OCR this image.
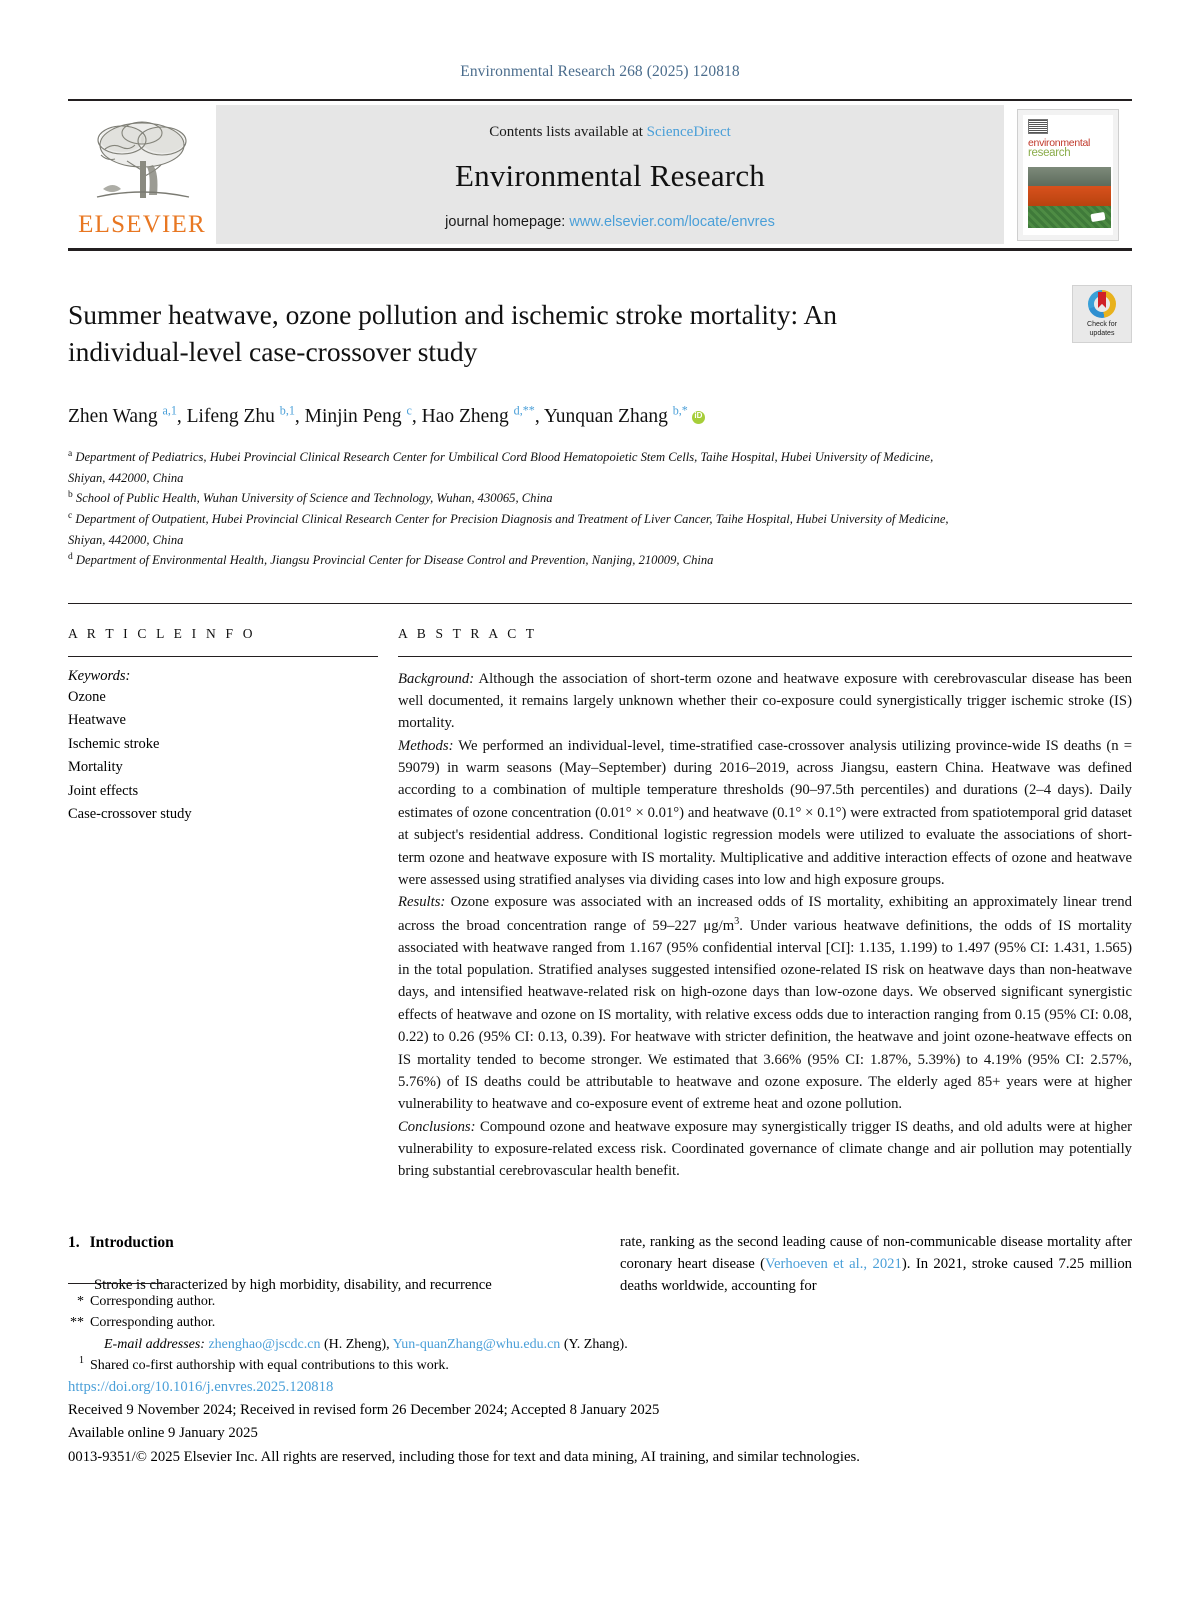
Environmental Research 268 (2025) 120818
ELSEVIER
Contents lists available at ScienceDirect
Environmental Research
journal homepage: www.elsevier.com/locate/envres
environmental
research
Summer heatwave, ozone pollution and ischemic stroke mortality: An individual-level case-crossover study
Check for
updates
Zhen Wang $^{a,1}$, Lifeng Zhu $^{b,1}$, Minjin Peng $^c$, Hao Zheng $^{d,**}$, Yunquan Zhang $^{b,*}$iD
$^a$ Department of Pediatrics, Hubei Provincial Clinical Research Center for Umbilical Cord Blood Hematopoietic Stem Cells, Taihe Hospital, Hubei University of Medicine, Shiyan, 442000, China
$^b$ School of Public Health, Wuhan University of Science and Technology, Wuhan, 430065, China
$^c$ Department of Outpatient, Hubei Provincial Clinical Research Center for Precision Diagnosis and Treatment of Liver Cancer, Taihe Hospital, Hubei University of Medicine, Shiyan, 442000, China
$^d$ Department of Environmental Health, Jiangsu Provincial Center for Disease Control and Prevention, Nanjing, 210009, China
A R T I C L E I N F O
Keywords:
Ozone
Heatwave
Ischemic stroke
Mortality
Joint effects
Case-crossover study
A B S T R A C T

Background: Although the association of short-term ozone and heatwave exposure with cerebrovascular disease has been well documented, it remains largely unknown whether their co-exposure could synergistically trigger ischemic stroke (IS) mortality.

Methods: We performed an individual-level, time-stratified case-crossover analysis utilizing province-wide IS deaths (n = 59079) in warm seasons (May–September) during 2016–2019, across Jiangsu, eastern China. Heatwave was defined according to a combination of multiple temperature thresholds (90–97.5th percentiles) and durations (2–4 days). Daily estimates of ozone concentration (0.01° × 0.01°) and heatwave (0.1° × 0.1°) were extracted from spatiotemporal grid dataset at subject's residential address. Conditional logistic regression models were utilized to evaluate the associations of short-term ozone and heatwave exposure with IS mortality. Multiplicative and additive interaction effects of ozone and heatwave were assessed using stratified analyses via dividing cases into low and high exposure groups.

Results: Ozone exposure was associated with an increased odds of IS mortality, exhibiting an approximately linear trend across the broad concentration range of 59–227 $\mu g/m^3$. Under various heatwave definitions, the odds of IS mortality associated with heatwave ranged from 1.167 (95% confidential interval [CI]: 1.135, 1.199) to 1.497 (95% CI: 1.431, 1.565) in the total population. Stratified analyses suggested intensified ozone-related IS risk on heatwave days than non-heatwave days, and intensified heatwave-related risk on high-ozone days than low-ozone days. We observed significant synergistic effects of heatwave and ozone on IS mortality, with relative excess odds due to interaction ranging from 0.15 (95% CI: 0.08, 0.22) to 0.26 (95% CI: 0.13, 0.39). For heatwave with stricter definition, the heatwave and joint ozone-heatwave effects on IS mortality tended to become stronger. We estimated that 3.66% (95% CI: 1.87%, 5.39%) to 4.19% (95% CI: 2.57%, 5.76%) of IS deaths could be attributable to heatwave and ozone exposure. The elderly aged 85+ years were at higher vulnerability to heatwave and co-exposure event of extreme heat and ozone pollution.

Conclusions: Compound ozone and heatwave exposure may synergistically trigger IS deaths, and old adults were at higher vulnerability to exposure-related excess risk. Coordinated governance of climate change and air pollution may potentially bring substantial cerebrovascular health benefit.

1. Introduction

Stroke is characterized by high morbidity, disability, and recurrence

rate, ranking as the second leading cause of non-communicable disease mortality after coronary heart disease (Verhoeven et al., 2021). In 2021, stroke caused 7.25 million deaths worldwide, accounting for

* Corresponding author.
** Corresponding author.
E-mail addresses: zhenghao@jscdc.cn (H. Zheng), Yun-quanZhang@whu.edu.cn (Y. Zhang).
1 Shared co-first authorship with equal contributions to this work.
https://doi.org/10.1016/j.envres.2025.120818
Received 9 November 2024; Received in revised form 26 December 2024; Accepted 8 January 2025
Available online 9 January 2025
0013-9351/© 2025 Elsevier Inc. All rights are reserved, including those for text and data mining, AI training, and similar technologies.
